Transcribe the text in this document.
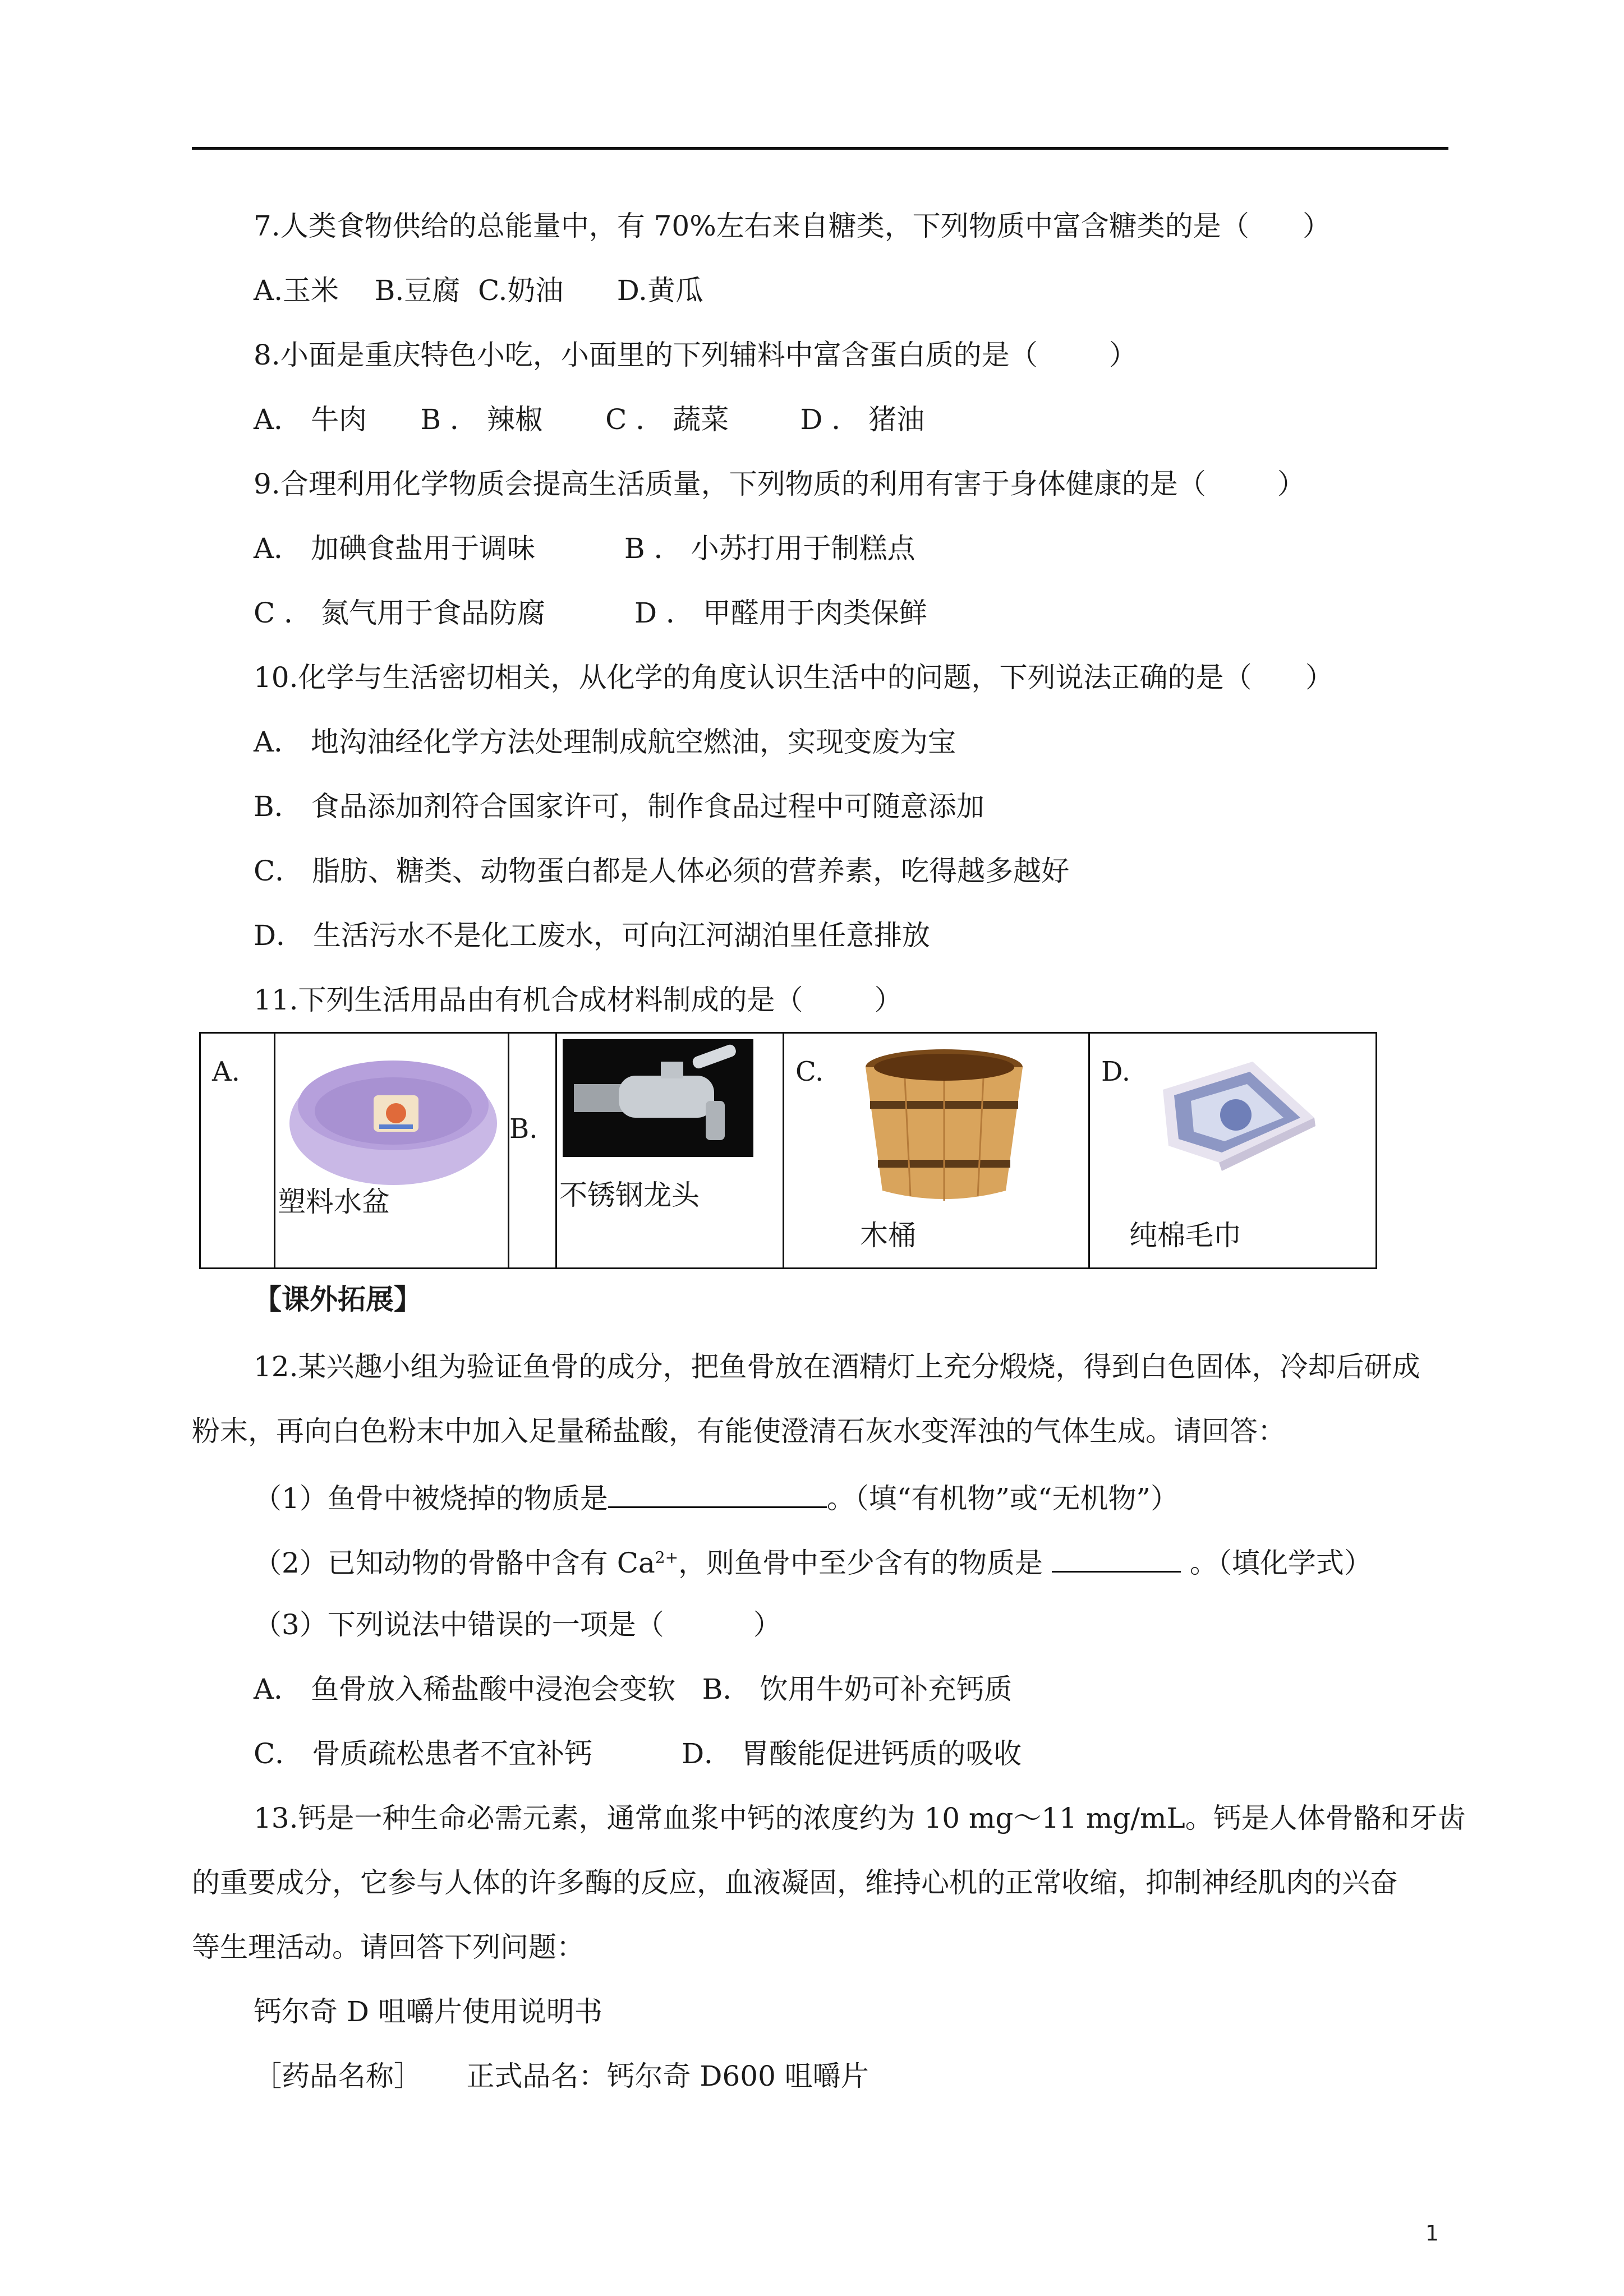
7.人类食物供给的总能量中，有 70%左右来自糖类，下列物质中富含糖类的是（      ）
A.玉米    B.豆腐  C.奶油      D.黄瓜
8.小面是重庆特色小吃，小面里的下列辅料中富含蛋白质的是（        ）
A． 牛肉      B ． 辣椒       C ． 蔬菜        D ． 猪油
9.合理利用化学物质会提高生活质量，下列物质的利用有害于身体健康的是（        ）
A． 加碘食盐用于调味          B ． 小苏打用于制糕点
C ． 氮气用于食品防腐          D ． 甲醛用于肉类保鲜
10.化学与生活密切相关，从化学的角度认识生活中的问题，下列说法正确的是（      ）
A． 地沟油经化学方法处理制成航空燃油，实现变废为宝
B． 食品添加剂符合国家许可，制作食品过程中可随意添加
C． 脂肪、糖类、动物蛋白都是人体必须的营养素，吃得越多越好
D． 生活污水不是化工废水，可向江河湖泊里任意排放
11.下列生活用品由有机合成材料制成的是（        ）
A.
塑料水盆
B.
不锈钢龙头
C.
木桶
D.
纯棉毛巾
【课外拓展】
12.某兴趣小组为验证鱼骨的成分，把鱼骨放在酒精灯上充分煅烧，得到白色固体，冷却后研成
粉末，再向白色粉末中加入足量稀盐酸，有能使澄清石灰水变浑浊的气体生成。请回答：
（1）鱼骨中被烧掉的物质是	。（填“有机物”或“无机物”）
（2）已知动物的骨骼中含有 $Ca^{2+}$，则鱼骨中至少含有的物质是	。（填化学式）
（3）下列说法中错误的一项是（          ）
A． 鱼骨放入稀盐酸中浸泡会变软   B． 饮用牛奶可补充钙质
C． 骨质疏松患者不宜补钙          D． 胃酸能促进钙质的吸收
13.钙是一种生命必需元素，通常血浆中钙的浓度约为 10 mg～11 mg/mL。钙是人体骨骼和牙齿
的重要成分，它参与人体的许多酶的反应，血液凝固，维持心机的正常收缩，抑制神经肌肉的兴奋
等生理活动。请回答下列问题：
钙尔奇 D 咀嚼片使用说明书
［药品名称］     正式品名：钙尔奇 D600 咀嚼片
1
